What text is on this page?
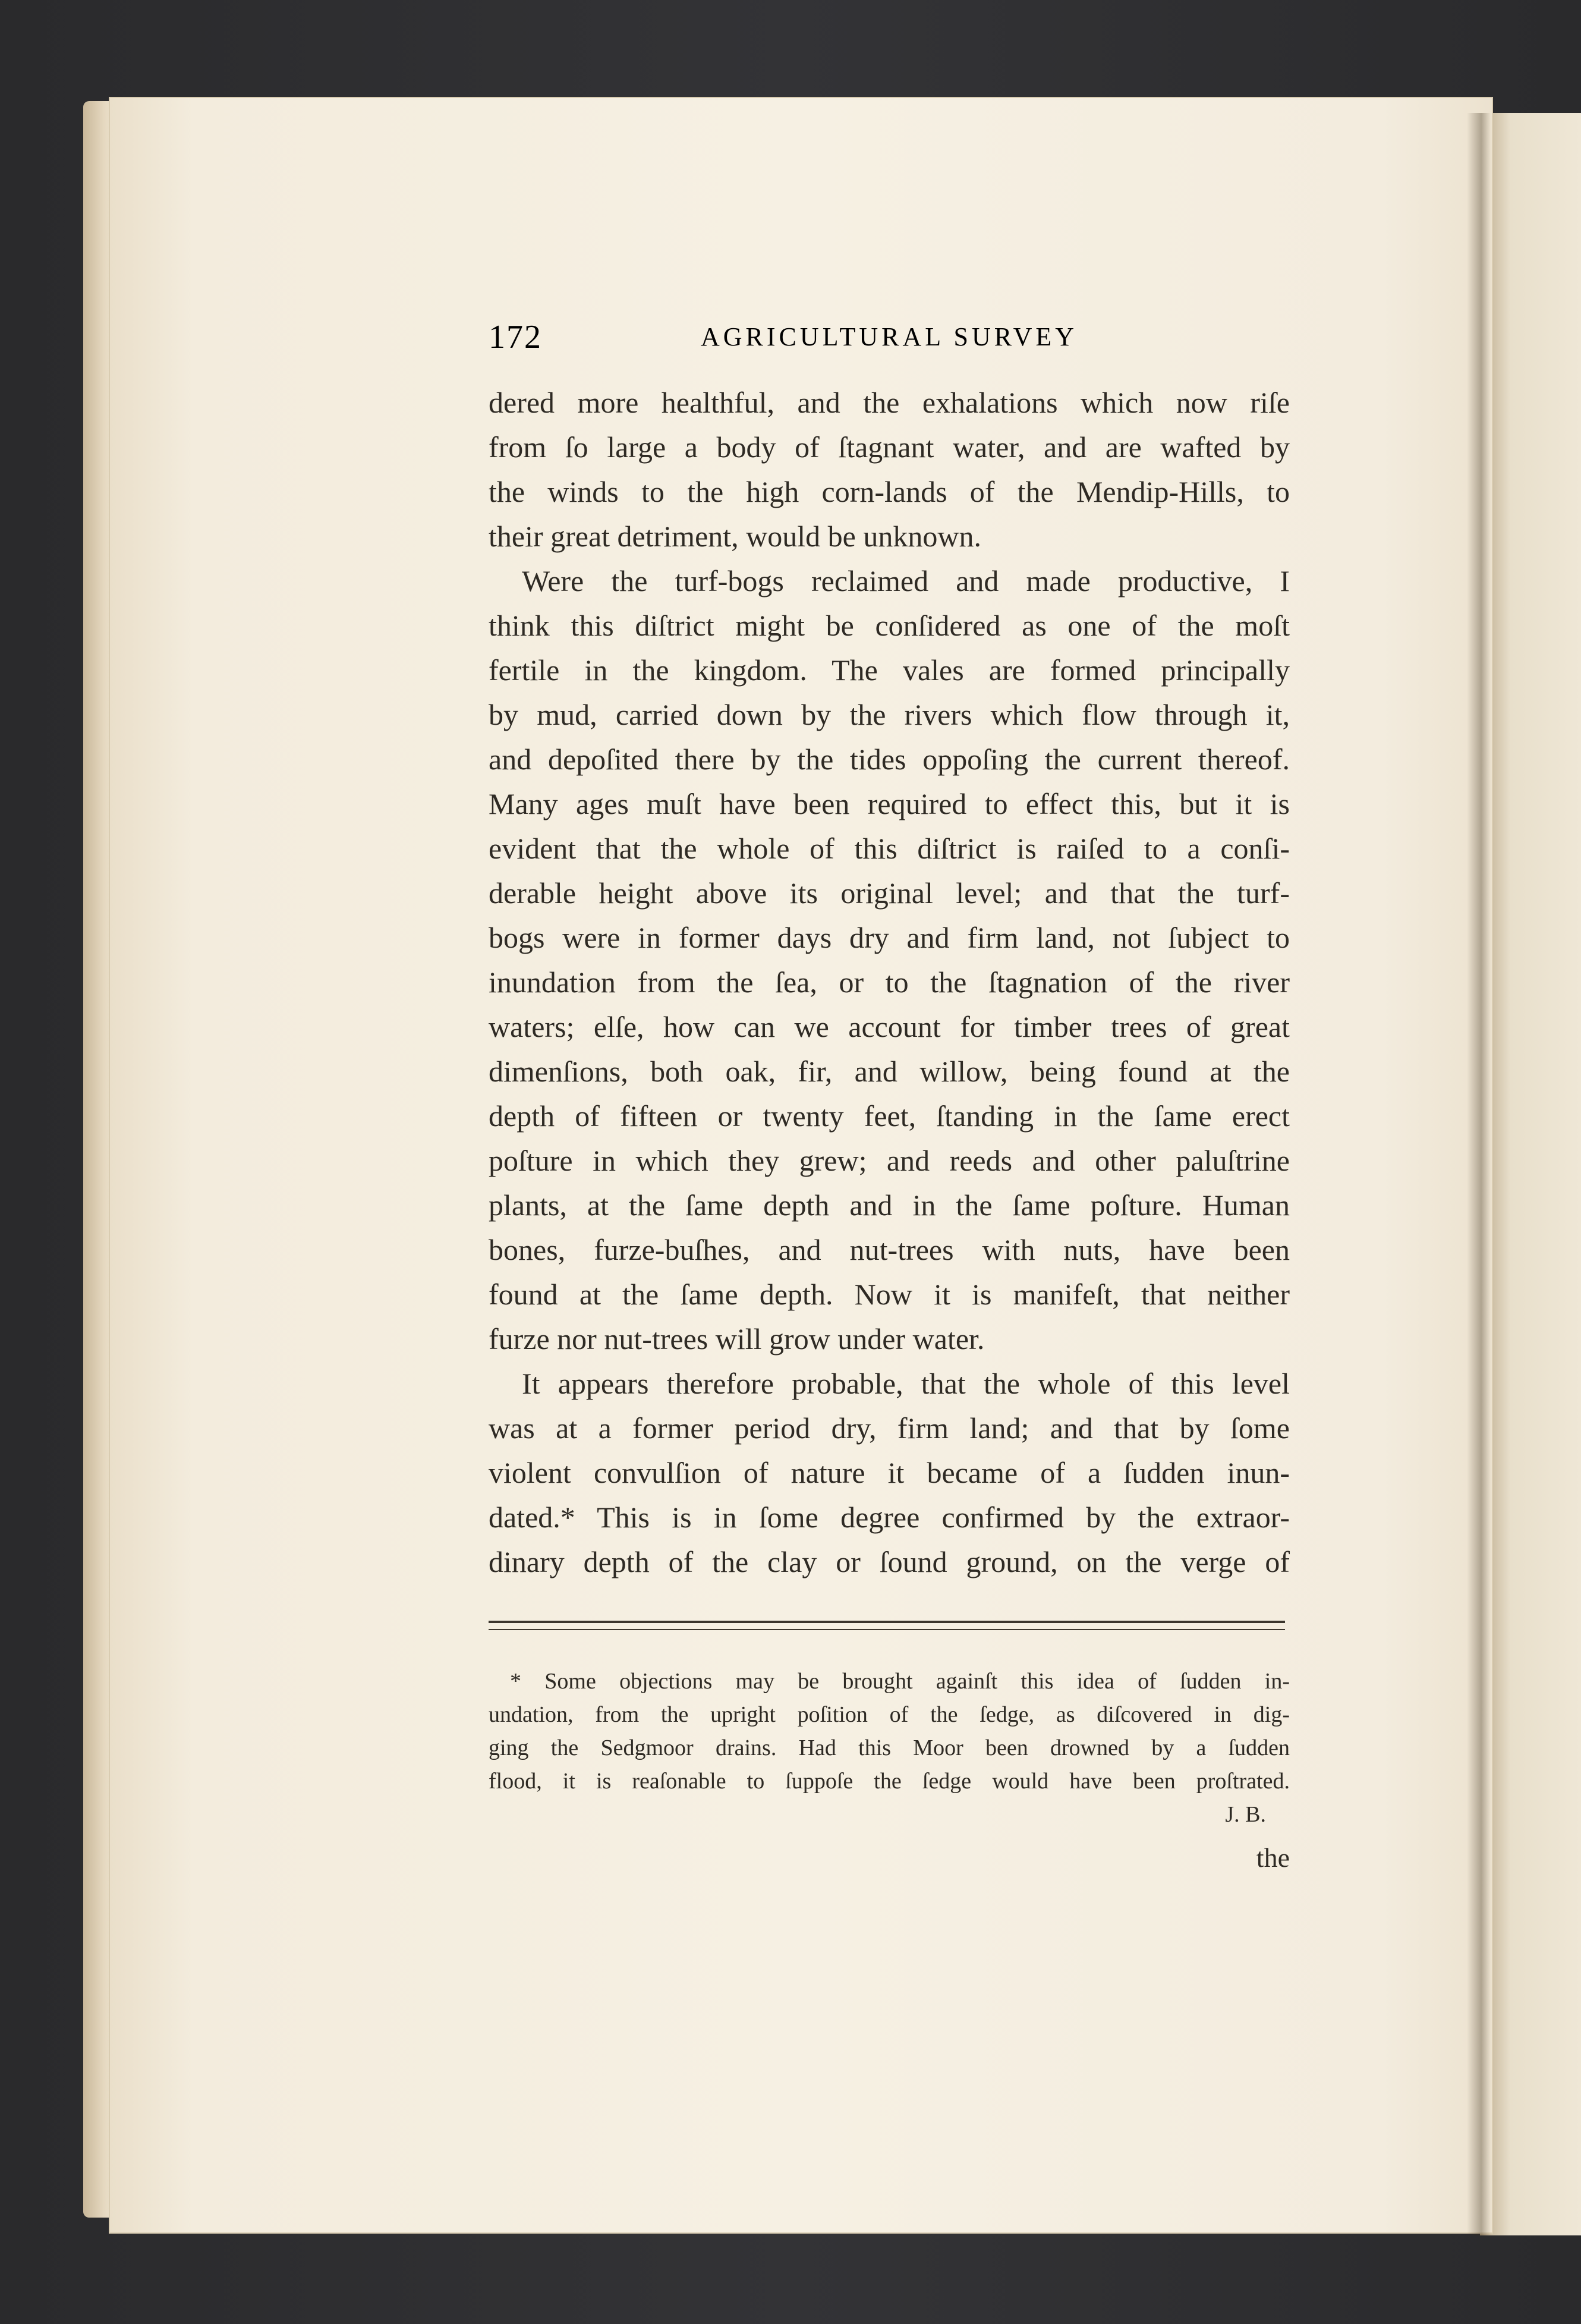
172	AGRICULTURAL SURVEY
dered more healthful, and the exhalations which now riſe
from ſo large a body of ſtagnant water, and are wafted by
the winds to the high corn-lands of the Mendip-Hills, to
their great detriment, would be unknown.
Were the turf-bogs reclaimed and made productive, I
think this diſtrict might be conſidered as one of the moſt
fertile in the kingdom. The vales are formed principally
by mud, carried down by the rivers which flow through it,
and depoſited there by the tides oppoſing the current thereof.
Many ages muſt have been required to effect this, but it is
evident that the whole of this diſtrict is raiſed to a conſi-
derable height above its original level; and that the turf-
bogs were in former days dry and firm land, not ſubject to
inundation from the ſea, or to the ſtagnation of the river
waters; elſe, how can we account for timber trees of great
dimenſions, both oak, fir, and willow, being found at the
depth of fifteen or twenty feet, ſtanding in the ſame erect
poſture in which they grew; and reeds and other paluſtrine
plants, at the ſame depth and in the ſame poſture. Human
bones, furze-buſhes, and nut-trees with nuts, have been
found at the ſame depth. Now it is manifeſt, that neither
furze nor nut-trees will grow under water.
It appears therefore probable, that the whole of this level
was at a former period dry, firm land; and that by ſome
violent convulſion of nature it became of a ſudden inun-
dated.* This is in ſome degree confirmed by the extraor-
dinary depth of the clay or ſound ground, on the verge of
* Some objections may be brought againſt this idea of ſudden in-
undation, from the upright poſition of the ſedge, as diſcovered in dig-
ging the Sedgmoor drains. Had this Moor been drowned by a ſudden
flood, it is reaſonable to ſuppoſe the ſedge would have been proſtrated.
J. B.
the
